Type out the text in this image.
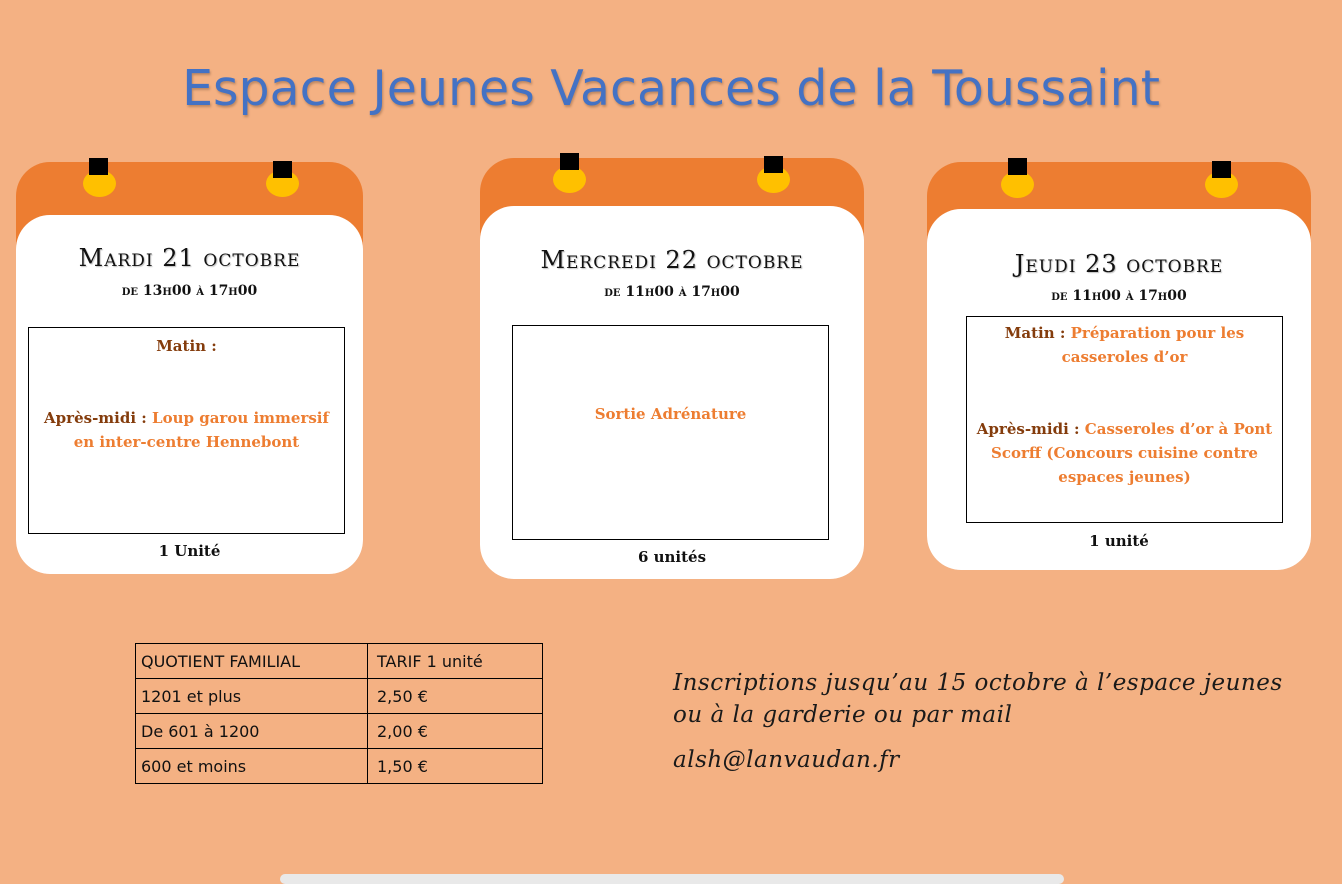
Espace Jeunes Vacances de la Toussaint
Mardi 21 octobre
de 13h00 à 17h00
Matin :
Après-midi : Loup garou immersif en inter-centre Hennebont
1 Unité
Mercredi 22 octobre
de 11h00 à 17h00
Sortie Adrénature
6 unités
Jeudi 23 octobre
de 11h00 à 17h00
Matin : Préparation pour les casseroles d’or
Après-midi : Casseroles d’or à Pont Scorff (Concours cuisine contre espaces jeunes)
1 unité
QUOTIENT FAMILIAL	TARIF 1 unité
1201 et plus	2,50 €
De 601 à 1200	2,00 €
600 et moins	1,50 €
Inscriptions jusqu’au 15 octobre à l’espace jeunes
ou à la garderie ou par mail
alsh@lanvaudan.fr
